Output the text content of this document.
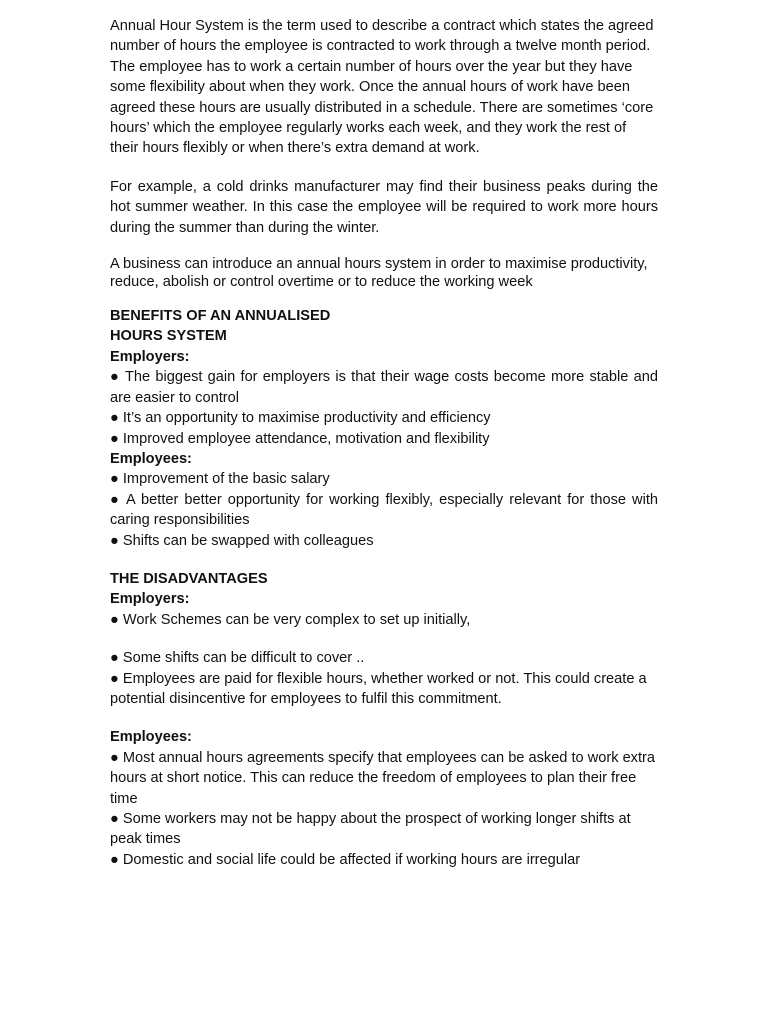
Annual Hour System is the term used to describe a contract which states the agreed number of hours the employee is contracted to work through a twelve month period. The employee has to work a certain number of hours over the year but they have some flexibility about when they work. Once the annual hours of work have been agreed these hours are usually distributed in a schedule. There are sometimes ‘core hours’ which the employee regularly works each week, and they work the rest of their hours flexibly or when there’s extra demand at work.

For example, a cold drinks manufacturer may find their business peaks during the hot summer weather. In this case the employee will be required to work more hours during the summer than during the winter.

A business can introduce an annual hours system in order to maximise productivity, reduce, abolish or control overtime or to reduce the working week

BENEFITS OF AN ANNUALISED

HOURS SYSTEM

Employers:

● The biggest gain for employers is that their wage costs become more stable and are easier to control

● It’s an opportunity to maximise productivity and efficiency

● Improved employee attendance, motivation and flexibility

Employees:

● Improvement of the basic salary

● A better better opportunity for working flexibly, especially relevant for those with caring responsibilities

● Shifts can be swapped with colleagues

THE DISADVANTAGES

Employers:

● Work Schemes can be very complex to set up initially,

● Some shifts can be difficult to cover ..

● Employees are paid for flexible hours, whether worked or not. This could create a potential disincentive for employees to fulfil this commitment.

Employees:

● Most annual hours agreements specify that employees can be asked to work extra hours at short notice. This can reduce the freedom of employees to plan their free time

● Some workers may not be happy about the prospect of working longer shifts at peak times

● Domestic and social life could be affected if working hours are irregular
